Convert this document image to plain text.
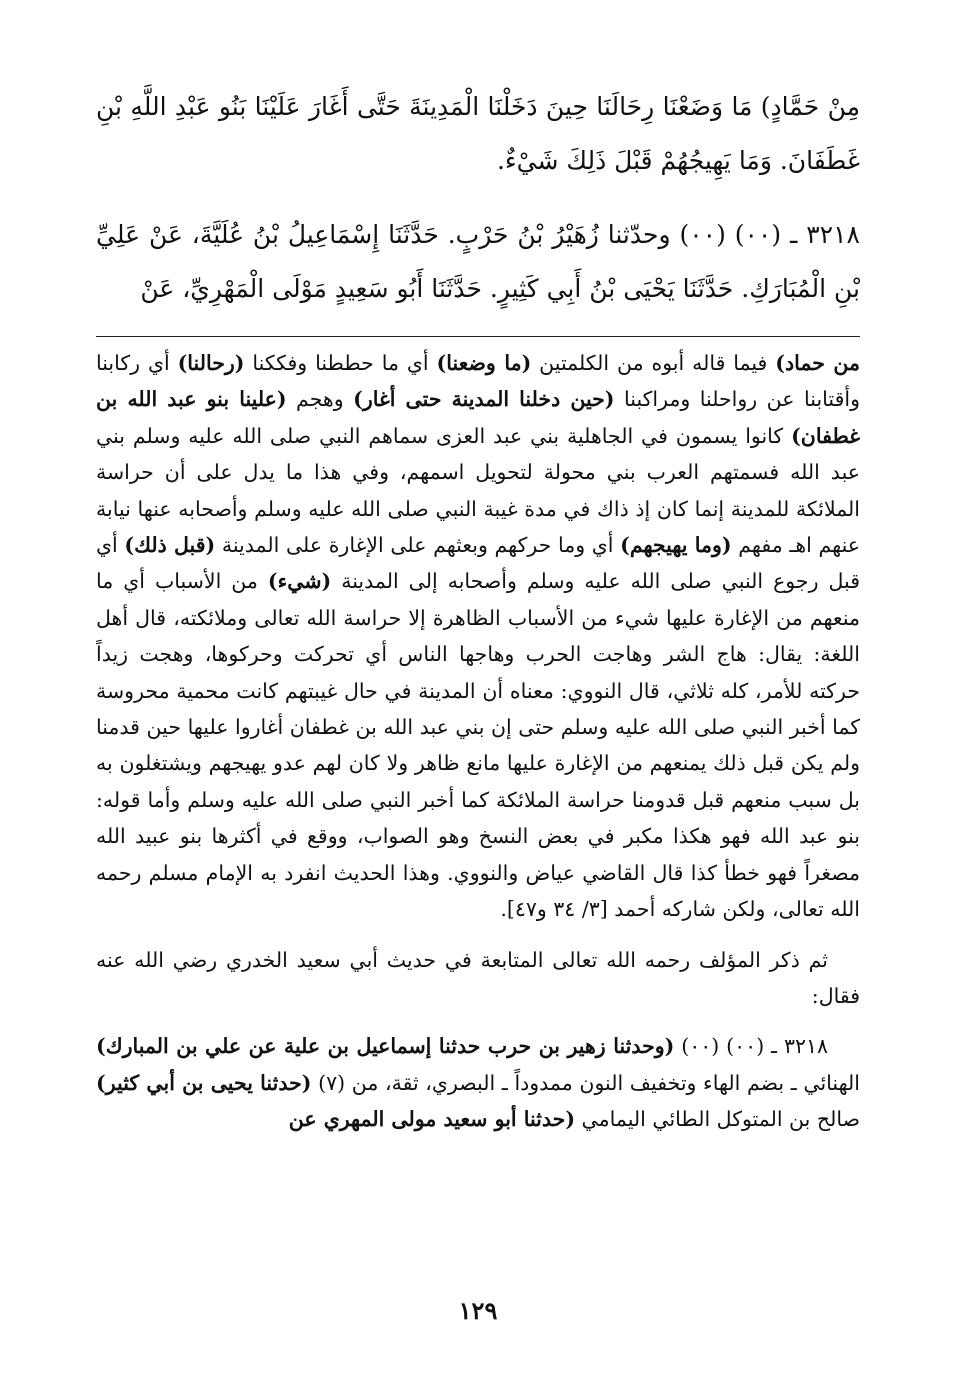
مِنْ حَمَّادٍ) مَا وَضَعْنَا رِحَالَنَا حِينَ دَخَلْنَا الْمَدِينَةَ حَتَّى أَغَارَ عَلَيْنَا بَنُو عَبْدِ اللَّهِ بْنِ غَطَفَانَ. وَمَا يَهِيجُهُمْ قَبْلَ ذَلِكَ شَيْءٌ.

٣٢١٨ ـ (٠٠) (٠٠) وحدّثنا زُهَيْرُ بْنُ حَرْبٍ. حَدَّثَنَا إِسْمَاعِيلُ بْنُ عُلَيَّةَ، عَنْ عَلِيِّ بْنِ الْمُبَارَكِ. حَدَّثَنَا يَحْيَى بْنُ أَبِي كَثِيرٍ. حَدَّثَنَا أَبُو سَعِيدٍ مَوْلَى الْمَهْرِيِّ، عَنْ

من حماد) فيما قاله أبوه من الكلمتين (ما وضعنا) أي ما حططنا وفككنا (رحالنا) أي ركابنا وأقتابنا عن رواحلنا ومراكبنا (حين دخلنا المدينة حتى أغار) وهجم (علينا بنو عبد الله بن غطفان) كانوا يسمون في الجاهلية بني عبد العزى سماهم النبي صلى الله عليه وسلم بني عبد الله فسمتهم العرب بني محولة لتحويل اسمهم، وفي هذا ما يدل على أن حراسة الملائكة للمدينة إنما كان إذ ذاك في مدة غيبة النبي صلى الله عليه وسلم وأصحابه عنها نيابة عنهم اهـ مفهم (وما يهيجهم) أي وما حركهم وبعثهم على الإغارة على المدينة (قبل ذلك) أي قبل رجوع النبي صلى الله عليه وسلم وأصحابه إلى المدينة (شيء) من الأسباب أي ما منعهم من الإغارة عليها شيء من الأسباب الظاهرة إلا حراسة الله تعالى وملائكته، قال أهل اللغة: يقال: هاج الشر وهاجت الحرب وهاجها الناس أي تحركت وحركوها، وهجت زيداً حركته للأمر، كله ثلاثي، قال النووي: معناه أن المدينة في حال غيبتهم كانت محمية محروسة كما أخبر النبي صلى الله عليه وسلم حتى إن بني عبد الله بن غطفان أغاروا عليها حين قدمنا ولم يكن قبل ذلك يمنعهم من الإغارة عليها مانع ظاهر ولا كان لهم عدو يهيجهم ويشتغلون به بل سبب منعهم قبل قدومنا حراسة الملائكة كما أخبر النبي صلى الله عليه وسلم وأما قوله: بنو عبد الله فهو هكذا مكبر في بعض النسخ وهو الصواب، ووقع في أكثرها بنو عبيد الله مصغراً فهو خطأ كذا قال القاضي عياض والنووي. وهذا الحديث انفرد به الإمام مسلم رحمه الله تعالى، ولكن شاركه أحمد [٣/ ٣٤ و٤٧].

ثم ذكر المؤلف رحمه الله تعالى المتابعة في حديث أبي سعيد الخدري رضي الله عنه فقال:

٣٢١٨ ـ (٠٠) (٠٠) (وحدثنا زهير بن حرب حدثنا إسماعيل بن علية عن علي بن المبارك) الهنائي ـ بضم الهاء وتخفيف النون ممدوداً ـ البصري، ثقة، من (٧) (حدثنا يحيى بن أبي كثير) صالح بن المتوكل الطائي اليمامي (حدثنا أبو سعيد مولى المهري عن

١٢٩
